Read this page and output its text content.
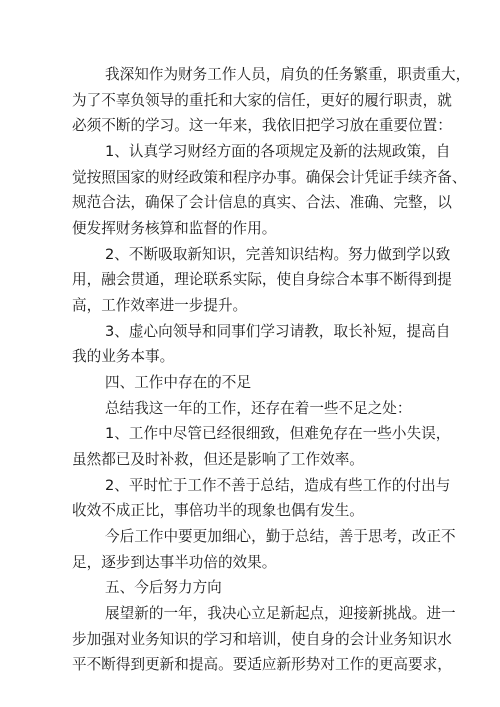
我 深 知 作 为 财 务 工 作 人 员 ， 肩 负 的 任 务 繁 重 ， 职 责 重 大 ，
为 了 不 辜 负 领 导 的 重 托 和 大 家 的 信 任 ， 更 好 的 履 行 职 责 ， 就
必 须 不 断 的 学 习 。 这 一 年 来 ， 我 依 旧 把 学 习 放 在 重 要 位 置 ：
1 、 认 真 学 习 财 经 方 面 的 各 项 规 定 及 新 的 法 规 政 策 ， 自
觉 按 照 国 家 的 财 经 政 策 和 程 序 办 事 。 确 保 会 计 凭 证 手 续 齐 备 、
规 范 合 法 ， 确 保 了 会 计 信 息 的 真 实 、 合 法 、 准 确 、 完 整 ， 以
便发挥财务核算和监督的作用。
2 、 不 断 吸 取 新 知 识 ， 完 善 知 识 结 构 。 努 力 做 到 学 以 致
用 ， 融 会 贯 通 ， 理 论 联 系 实 际 ， 使 自 身 综 合 本 事 不 断 得 到 提
高，工作效率进一步提升。
3 、 虚 心 向 领 导 和 同 事 们 学 习 请 教 ， 取 长 补 短 ， 提 高 自
我的业务本事。
四、工作中存在的不足
总结我这一年的工作，还存在着一些不足之处：
1 、 工 作 中 尽 管 已 经 很 细 致 ， 但 难 免 存 在 一 些 小 失 误 ，
虽然都已及时补救，但还是影响了工作效率。
2 、 平 时 忙 于 工 作 不 善 于 总 结 ， 造 成 有 些 工 作 的 付 出 与
收效不成正比，事倍功半的现象也偶有发生。
今 后 工 作 中 要 更 加 细 心 ， 勤 于 总 结 ， 善 于 思 考 ， 改 正 不
足，逐步到达事半功倍的效果。
五、今后努力方向
展 望 新 的 一 年 ， 我 决 心 立 足 新 起 点 ， 迎 接 新 挑 战 。 进 一
步 加 强 对 业 务 知 识 的 学 习 和 培 训 ， 使 自 身 的 会 计 业 务 知 识 水
平 不 断 得 到 更 新 和 提 高 。 要 适 应 新 形 势 对 工 作 的 更 高 要 求 ，
